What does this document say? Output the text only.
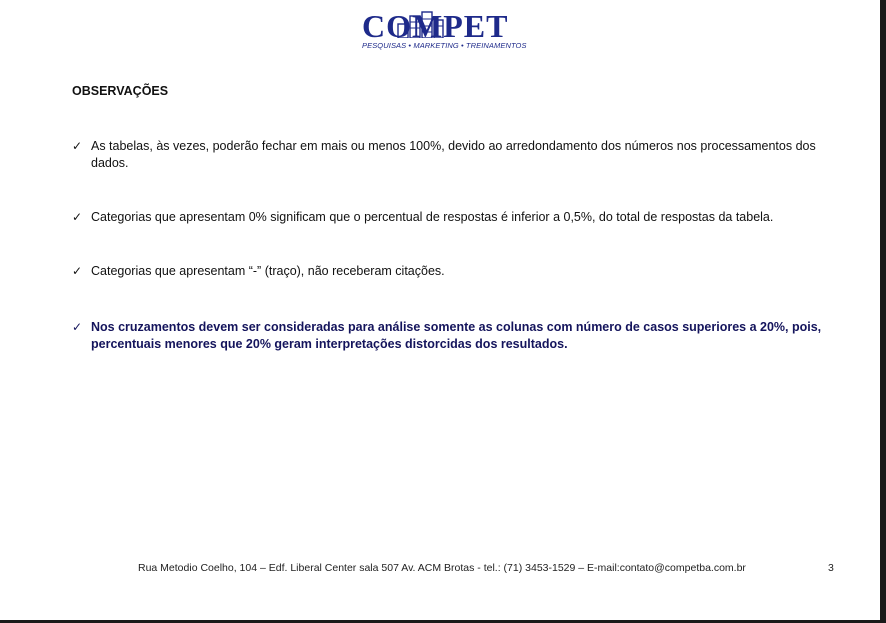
COMPET
PESQUISAS • MARKETING • TREINAMENTOS
OBSERVAÇÕES
✓ As tabelas, às vezes, poderão fechar em mais ou menos 100%, devido ao arredondamento dos números nos processamentos dos dados.
✓ Categorias que apresentam 0% significam que o percentual de respostas é inferior a 0,5%, do total de respostas da tabela.
✓ Categorias que apresentam “-” (traço), não receberam citações.
✓ Nos cruzamentos devem ser consideradas para análise somente as colunas com número de casos superiores a 20%, pois, percentuais menores que 20% geram interpretações distorcidas dos resultados.
Rua Metodio Coelho, 104 – Edf. Liberal Center sala 507 Av. ACM Brotas - tel.: (71) 3453-1529 – E-mail:contato@competba.com.br	3
